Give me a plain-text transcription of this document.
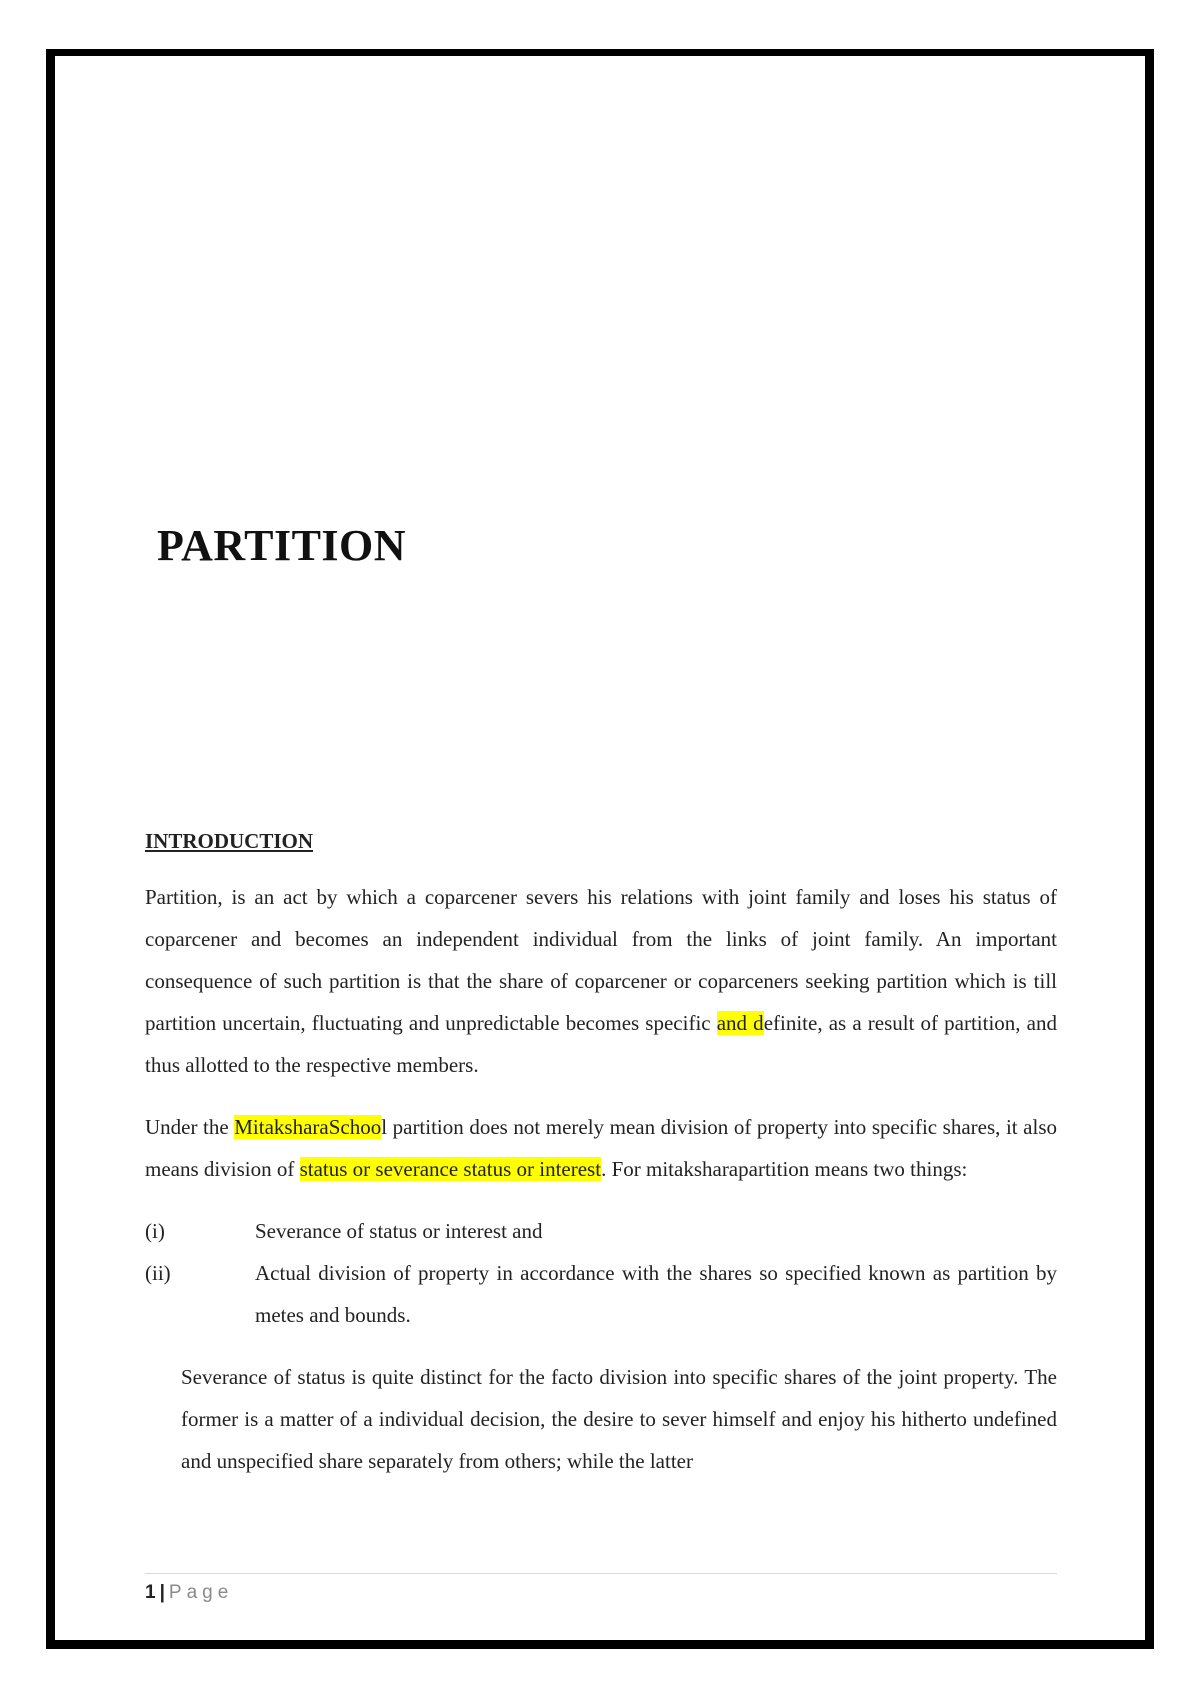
PARTITION
INTRODUCTION

Partition, is an act by which a coparcener severs his relations with joint family and loses his status of coparcener and becomes an independent individual from the links of joint family. An important consequence of such partition is that the share of coparcener or coparceners seeking partition which is till partition uncertain, fluctuating and unpredictable becomes specific and definite, as a result of partition, and thus allotted to the respective members.

Under the MitaksharaSchool partition does not merely mean division of property into specific shares, it also means division of status or severance status or interest. For mitaksharapartition means two things:

(i)	Severance of status or interest and
(ii)	Actual division of property in accordance with the shares so specified known as partition by metes and bounds.

Severance of status is quite distinct for the facto division into specific shares of the joint property. The former is a matter of a individual decision, the desire to sever himself and enjoy his hitherto undefined and unspecified share separately from others; while the latter

1 | Page
